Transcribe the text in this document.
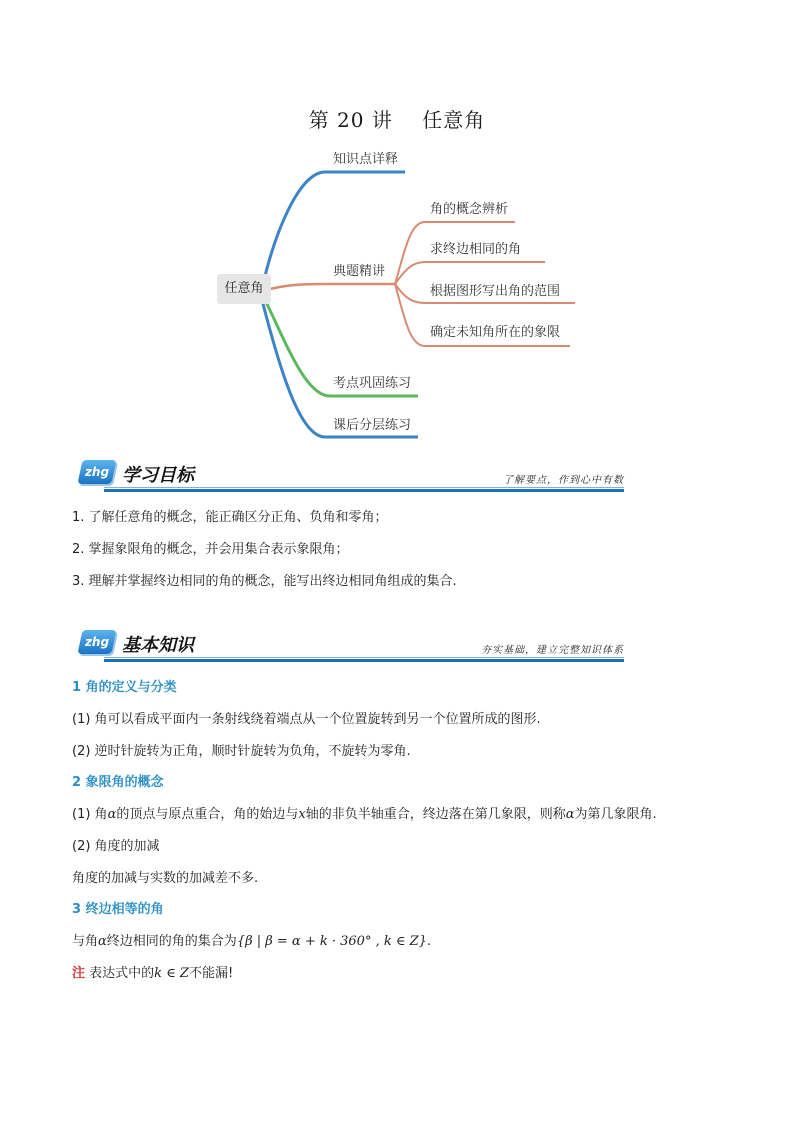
第 20 讲    任意角
任意角
知识点详释
典题精讲
角的概念辨析
求终边相同的角
根据图形写出角的范围
确定未知角所在的象限
考点巩固练习
课后分层练习
zhg 学习目标	了解要点，作到心中有数
1. 了解任意角的概念，能正确区分正角、负角和零角；
2. 掌握象限角的概念，并会用集合表示象限角；
3. 理解并掌握终边相同的角的概念，能写出终边相同角组成的集合.
zhg 基本知识	夯实基础，建立完整知识体系
1 角的定义与分类
(1) 角可以看成平面内一条射线绕着端点从一个位置旋转到另一个位置所成的图形.
(2) 逆时针旋转为正角，顺时针旋转为负角，不旋转为零角.
2 象限角的概念
(1) 角α的顶点与原点重合，角的始边与x轴的非负半轴重合，终边落在第几象限，则称α为第几象限角.
(2) 角度的加减
角度的加减与实数的加减差不多.
3 终边相等的角
与角α终边相同的角的集合为{β | β = α + k · 360° , k ∈ Z}.
注 表达式中的k ∈ Z不能漏!
